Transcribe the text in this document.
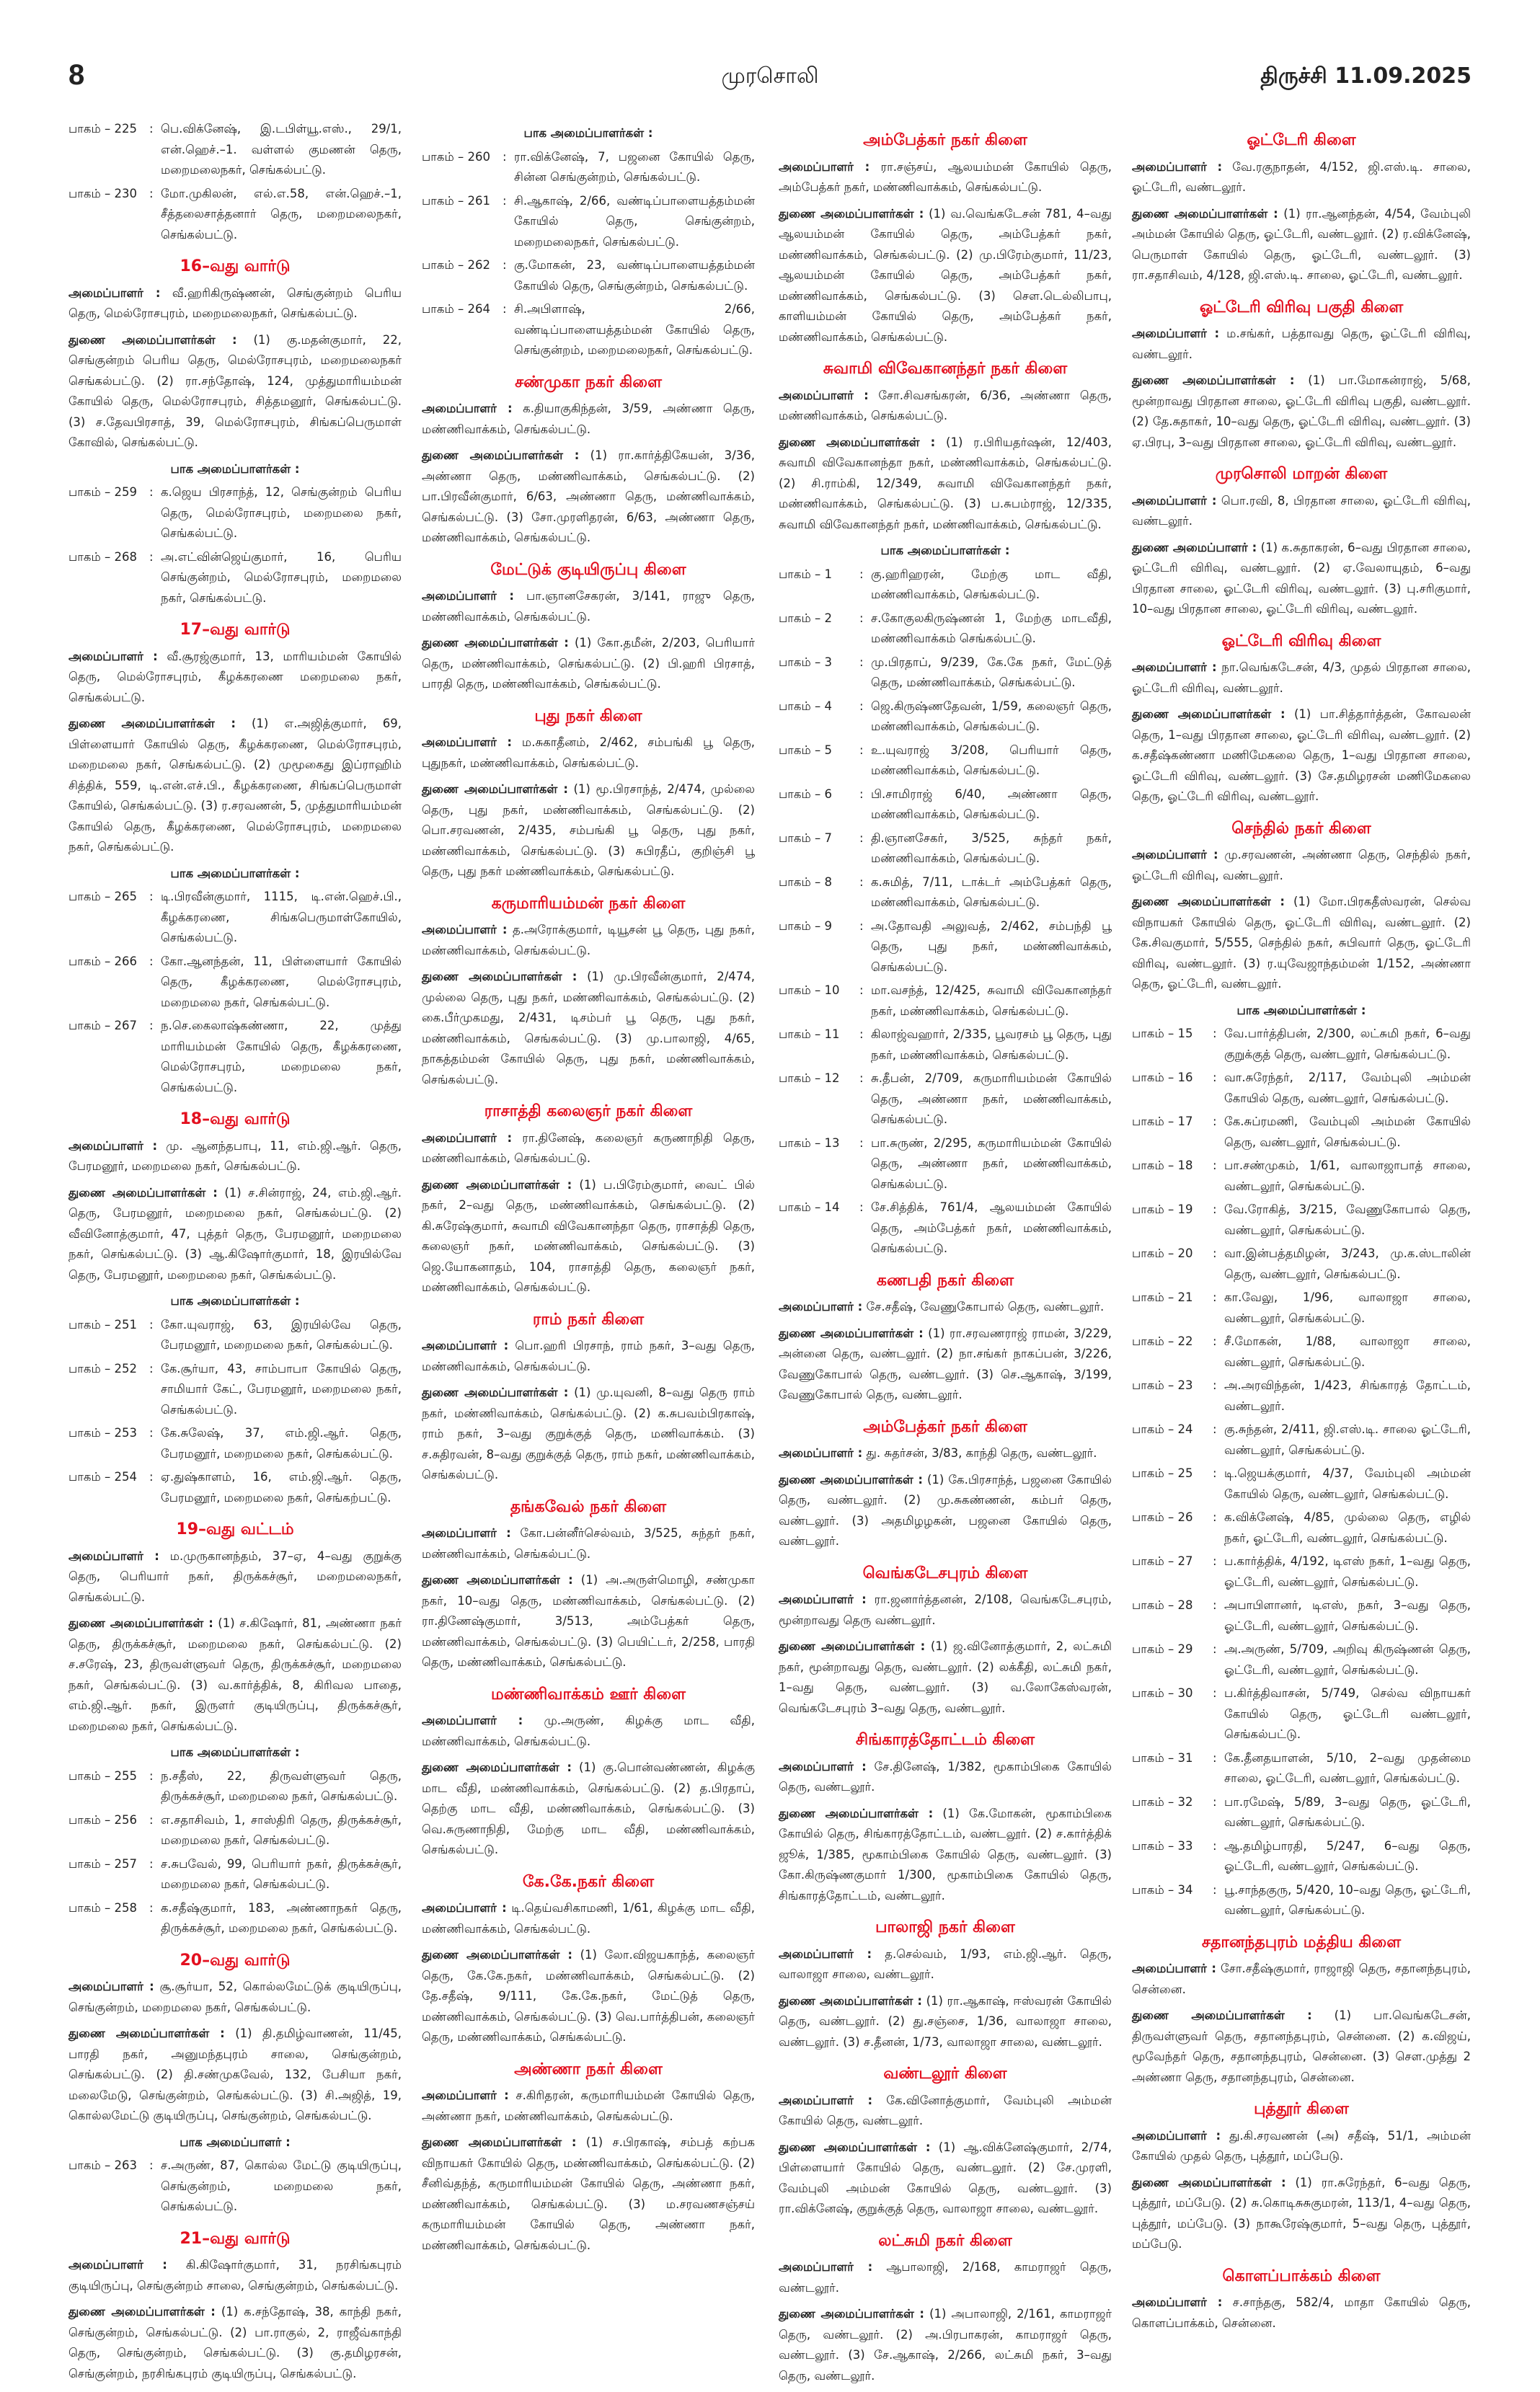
8	முரசொலி	திருச்சி 11.09.2025
பாகம் – 225	: பெ.விக்னேஷ், இ.டபிள்யூ.எஸ்., 29/1, என்.ஹெச்.–1. வள்ளல் குமணன் தெரு, மறைமலைநகர், செங்கல்பட்டு.
பாகம் – 230	: மோ.முகிலன், எல்.எ.58, என்.ஹெச்.–1, சீத்தலைசாத்தனார் தெரு, மறைமலைநகர், செங்கல்பட்டு.
16–வது வார்டு
அமைப்பாளர் : வீ.ஹரிகிருஷ்ணன், செங்குன்றம் பெரிய தெரு, மெல்ரோசபுரம், மறைமலைநகர், செங்கல்பட்டு.
துணை அமைப்பாளர்கள் : (1) கு.மதன்குமார், 22, செங்குன்றம் பெரிய தெரு, மெல்ரோசபுரம், மறைமலைநகர் செங்கல்பட்டு. (2) ரா.சந்தோஷ், 124, முத்துமாரியம்மன் கோயில் தெரு, மெல்ரோசபுரம், சித்தமனூர், செங்கல்பட்டு. (3) ச.தேவபிரசாத், 39, மெல்ரோசபுரம், சிங்கப்பெருமாள் கோவில், செங்கல்பட்டு.
பாக அமைப்பாளர்கள் :
பாகம் – 259	: க.ஜெய பிரசாந்த், 12, செங்குன்றம் பெரிய தெரு, மெல்ரோசபுரம், மறைமலை நகர், செங்கல்பட்டு.
பாகம் – 268	: அ.எட்வின்ஜெய்குமார், 16, பெரிய செங்குன்றம், மெல்ரோசபுரம், மறைமலை நகர், செங்கல்பட்டு.
17–வது வார்டு
அமைப்பாளர் : வீ.சூரஜ்குமார், 13, மாரியம்மன் கோயில் தெரு, மெல்ரோசபுரம், கீழக்கரணை மறைமலை நகர், செங்கல்பட்டு.
துணை அமைப்பாளர்கள் : (1) எ.அஜித்குமார், 69, பிள்ளையார் கோயில் தெரு, கீழக்கரணை, மெல்ரோசபுரம், மறைமலை நகர், செங்கல்பட்டு. (2) முமூகைது இப்ராஹிம் சித்திக், 559, டி.என்.எச்.பி., கீழக்கரணை, சிங்கப்பெருமாள் கோயில், செங்கல்பட்டு. (3) ர.சரவணன், 5, முத்துமாரியம்மன் கோயில் தெரு, கீழக்கரணை, மெல்ரோசபுரம், மறைமலை நகர், செங்கல்பட்டு.
பாக அமைப்பாளர்கள் :
பாகம் – 265	: டி.பிரவீன்குமார், 1115, டி.என்.ஹெச்.பி., கீழக்கரணை, சிங்கபெருமாள்கோயில், செங்கல்பட்டு.
பாகம் – 266	: கோ.ஆனந்தன், 11, பிள்ளையார் கோயில் தெரு, கீழக்கரணை, மெல்ரோசபுரம், மறைமலை நகர், செங்கல்பட்டு.
பாகம் – 267	: ந.செ.கைலாஷ்கண்ணா, 22, முத்து மாரியம்மன் கோயில் தெரு, கீழக்கரணை, மெல்ரோசபுரம், மறைமலை நகர், செங்கல்பட்டு.
18–வது வார்டு
அமைப்பாளர் : மு. ஆனந்தபாபு, 11, எம்.ஜி.ஆர். தெரு, பேரமனூர், மறைமலை நகர், செங்கல்பட்டு.
துணை அமைப்பாளர்கள் : (1) ச.சின்ராஜ், 24, எம்.ஜி.ஆர். தெரு, பேரமனூர், மறைமலை நகர், செங்கல்பட்டு. (2) வீவினோத்குமார், 47, புத்தர் தெரு, பேரமனூர், மறைமலை நகர், செங்கல்பட்டு. (3) ஆ.கிஷோர்குமார், 18, இரயில்வே தெரு, பேரமனூர், மறைமலை நகர், செங்கல்பட்டு.
பாக அமைப்பாளர்கள் :
பாகம் – 251	: கோ.யுவராஜ், 63, இரயில்வே தெரு, பேரமனூர், மறைமலை நகர், செங்கல்பட்டு.
பாகம் – 252	: கே.சூர்யா, 43, சாம்பாபா கோயில் தெரு, சாமியார் கேட், பேரமனூர், மறைமலை நகர், செங்கல்பட்டு.
பாகம் – 253	: கே.சுலேஷ், 37, எம்.ஜி.ஆர். தெரு, பேரமனூர், மறைமலை நகர், செங்கல்பட்டு.
பாகம் – 254	: ஏ.துஷ்காளம், 16, எம்.ஜி.ஆர். தெரு, பேரமனூர், மறைமலை நகர், செங்கற்பட்டு.
19–வது வட்டம்
அமைப்பாளர் : ம.முருகானந்தம், 37–ஏ, 4–வது குறுக்கு தெரு, பெரியார் நகர், திருக்கச்சூர், மறைமலைநகர், செங்கல்பட்டு.
துணை அமைப்பாளர்கள் : (1) ச.கிஷோர், 81, அண்ணா நகர் தெரு, திருக்கச்சூர், மறைமலை நகர், செங்கல்பட்டு. (2) ச.சரேஷ், 23, திருவள்ளுவர் தெரு, திருக்கச்சூர், மறைமலை நகர், செங்கல்பட்டு. (3) வ.கார்த்திக், 8, கிரிவல பாதை, எம்.ஜி.ஆர். நகர், இருளர் குடியிருப்பு, திருக்கச்சூர், மறைமலை நகர், செங்கல்பட்டு.
பாக அமைப்பாளர்கள் :
பாகம் – 255	: ந.சதீஸ், 22, திருவள்ளுவர் தெரு, திருக்கச்சூர், மறைமலை நகர், செங்கல்பட்டு.
பாகம் – 256	: எ.சதாசிவம், 1, சாஸ்திரி தெரு, திருக்கச்சூர், மறைமலை நகர், செங்கல்பட்டு.
பாகம் – 257	: ச.சுபவேல், 99, பெரியார் நகர், திருக்கச்சூர், மறைமலை நகர், செங்கல்பட்டு.
பாகம் – 258	: க.சதீஷ்குமார், 183, அண்ணாநகர் தெரு, திருக்கச்சூர், மறைமலை நகர், செங்கல்பட்டு.
20–வது வார்டு
அமைப்பாளர் : சூ.சூர்யா, 52, கொல்லமேட்டுக் குடியிருப்பு, செங்குன்றம், மறைமலை நகர், செங்கல்பட்டு.
துணை அமைப்பாளர்கள் : (1) தி.தமிழ்வாணன், 11/45, பாரதி நகர், அனுமந்தபுரம் சாலை, செங்குன்றம், செங்கல்பட்டு. (2) தி.சண்முகவேல், 132, பேசியா நகர், மலைமேடு, செங்குன்றம், செங்கல்பட்டு. (3) சி.அஜித், 19, கொல்லமேட்டு குடியிருப்பு, செங்குன்றம், செங்கல்பட்டு.
பாக அமைப்பாளர் :
பாகம் – 263	: ச.அருண், 87, கொல்ல மேட்டு குடியிருப்பு, செங்குன்றம், மறைமலை நகர், செங்கல்பட்டு.
21–வது வார்டு
அமைப்பாளர் : கி.கிஷோர்குமார், 31, நரசிங்கபுரம் குடியிருப்பு, செங்குன்றம் சாலை, செங்குன்றம், செங்கல்பட்டு.
துணை அமைப்பாளர்கள் : (1) க.சந்தோஷ், 38, காந்தி நகர், செங்குன்றம், செங்கல்பட்டு. (2) பா.ராகுல், 2, ராஜீவ்காந்தி தெரு, செங்குன்றம், செங்கல்பட்டு. (3) கு.தமிழரசன், செங்குன்றம், நரசிங்கபுரம் குடியிருப்பு, செங்கல்பட்டு.
பாக அமைப்பாளர்கள் :
பாகம் – 260	: ரா.விக்னேஷ், 7, பஜனை கோயில் தெரு, சின்ன செங்குன்றம், செங்கல்பட்டு.
பாகம் – 261	: சி.ஆகாஷ், 2/66, வண்டிப்பாளையத்தம்மன் கோயில் தெரு, செங்குன்றம், மறைமலைநகர், செங்கல்பட்டு.
பாகம் – 262	: கு.மோகன், 23, வண்டிப்பாளையத்தம்மன் கோயில் தெரு, செங்குன்றம், செங்கல்பட்டு.
பாகம் – 264	: சி.அபிளாஷ், 2/66, வண்டிப்பாளையத்தம்மன் கோயில் தெரு, செங்குன்றம், மறைமலைநகர், செங்கல்பட்டு.
சண்முகா நகர் கிளை
அமைப்பாளர் : க.தியாகுகிந்தன், 3/59, அண்ணா தெரு, மண்ணிவாக்கம், செங்கல்பட்டு.
துணை அமைப்பாளர்கள் : (1) ரா.கார்த்திகேயன், 3/36, அண்ணா தெரு, மண்ணிவாக்கம், செங்கல்பட்டு. (2) பா.பிரவீன்குமார், 6/63, அண்ணா தெரு, மண்ணிவாக்கம், செங்கல்பட்டு. (3) சோ.முரளிதரன், 6/63, அண்ணா தெரு, மண்ணிவாக்கம், செங்கல்பட்டு.
மேட்டுக் குடியிருப்பு கிளை
அமைப்பாளர் : பா.ஞானசேகரன், 3/141, ராஜு தெரு, மண்ணிவாக்கம், செங்கல்பட்டு.
துணை அமைப்பாளர்கள் : (1) கோ.தமீன், 2/203, பெரியார் தெரு, மண்ணிவாக்கம், செங்கல்பட்டு. (2) பி.ஹரி பிரசாத், பாரதி தெரு, மண்ணிவாக்கம், செங்கல்பட்டு.
புது நகர் கிளை
அமைப்பாளர் : ம.சுகாதீனம், 2/462, சம்பங்கி பூ தெரு, புதுநகர், மண்ணிவாக்கம், செங்கல்பட்டு.
துணை அமைப்பாளர்கள் : (1) மூ.பிரசாந்த், 2/474, முல்லை தெரு, புது நகர், மண்ணிவாக்கம், செங்கல்பட்டு. (2) பொ.சரவணன், 2/435, சம்பங்கி பூ தெரு, புது நகர், மண்ணிவாக்கம், செங்கல்பட்டு. (3) சுபிரதீப், குறிஞ்சி பூ தெரு, புது நகர் மண்ணிவாக்கம், செங்கல்பட்டு.
கருமாரியம்மன் நகர் கிளை
அமைப்பாளர் : த.அரோக்குமார், டியூசன் பூ தெரு, புது நகர், மண்ணிவாக்கம், செங்கல்பட்டு.
துணை அமைப்பாளர்கள் : (1) மு.பிரவீன்குமார், 2/474, முல்லை தெரு, புது நகர், மண்ணிவாக்கம், செங்கல்பட்டு. (2) கை.பீர்முகமது, 2/431, டிசம்பர் பூ தெரு, புது நகர், மண்ணிவாக்கம், செங்கல்பட்டு. (3) மு.பாலாஜி, 4/65, நாகத்தம்மன் கோயில் தெரு, புது நகர், மண்ணிவாக்கம், செங்கல்பட்டு.
ராசாத்தி கலைஞர் நகர் கிளை
அமைப்பாளர் : ரா.தினேஷ், கலைஞர் கருணாநிதி தெரு, மண்ணிவாக்கம், செங்கல்பட்டு.
துணை அமைப்பாளர்கள் : (1) ப.பிரேம்குமார், வைட் பில் நகர், 2–வது தெரு, மண்ணிவாக்கம், செங்கல்பட்டு. (2) கி.சுரேஷ்குமார், சுவாமி விவேகானந்தா தெரு, ராசாத்தி தெரு, கலைஞர் நகர், மண்ணிவாக்கம், செங்கல்பட்டு. (3) ஜெ.யோகனாதம், 104, ராசாத்தி தெரு, கலைஞர் நகர், மண்ணிவாக்கம், செங்கல்பட்டு.
ராம் நகர் கிளை
அமைப்பாளர் : பொ.ஹரி பிரசாந், ராம் நகர், 3–வது தெரு, மண்ணிவாக்கம், செங்கல்பட்டு.
துணை அமைப்பாளர்கள் : (1) மு.யுவனி, 8–வது தெரு ராம் நகர், மண்ணிவாக்கம், செங்கல்பட்டு. (2) க.சுபவம்பிரகாஷ், ராம் நகர், 3–வது குறுக்குத் தெரு, மணிவாக்கம். (3) ச.சுதிரவன், 8–வது குறுக்குத் தெரு, ராம் நகர், மண்ணிவாக்கம், செங்கல்பட்டு.
தங்கவேல் நகர் கிளை
அமைப்பாளர் : கோ.பன்னீர்செல்வம், 3/525, சுந்தர் நகர், மண்ணிவாக்கம், செங்கல்பட்டு.
துணை அமைப்பாளர்கள் : (1) அ.அருள்மொழி, சண்முகா நகர், 10–வது தெரு, மண்ணிவாக்கம், செங்கல்பட்டு. (2) ரா.திணேஷ்குமார், 3/513, அம்பேத்கர் தெரு, மண்ணிவாக்கம், செங்கல்பட்டு. (3) பெயிட்டர், 2/258, பாரதி தெரு, மண்ணிவாக்கம், செங்கல்பட்டு.
மண்ணிவாக்கம் ஊர் கிளை
அமைப்பாளர் : மு.அருண், கிழக்கு மாட வீதி, மண்ணிவாக்கம், செங்கல்பட்டு.
துணை அமைப்பாளர்கள் : (1) கு.பொன்வண்ணன், கிழக்கு மாட வீதி, மண்ணிவாக்கம், செங்கல்பட்டு. (2) த.பிரதாப், தெற்கு மாட வீதி, மண்ணிவாக்கம், செங்கல்பட்டு. (3) வெ.சுருணாநிதி, மேற்கு மாட வீதி, மண்ணிவாக்கம், செங்கல்பட்டு.
கே.கே.நகர் கிளை
அமைப்பாளர் : டி.தெய்வசிகாமணி, 1/61, கிழக்கு மாட வீதி, மண்ணிவாக்கம், செங்கல்பட்டு.
துணை அமைப்பாளர்கள் : (1) லோ.விஜயகாந்த், கலைஞர் தெரு, கே.கே.நகர், மண்ணிவாக்கம், செங்கல்பட்டு. (2) தே.சதீஷ், 9/111, கே.கே.நகர், மேட்டுத் தெரு, மண்ணிவாக்கம், செங்கல்பட்டு. (3) வெ.பார்த்திபன், கலைஞர் தெரு, மண்ணிவாக்கம், செங்கல்பட்டு.
அண்ணா நகர் கிளை
அமைப்பாளர் : ச.கிரிதரன், கருமாரியம்மன் கோயில் தெரு, அண்ணா நகர், மண்ணிவாக்கம், செங்கல்பட்டு.
துணை அமைப்பாளர்கள் : (1) ச.பிரகாஷ், சம்பத் கற்பக விநாயகர் கோயில் தெரு, மண்ணிவாக்கம், செங்கல்பட்டு. (2) சீனிவ்தந்த், கருமாரியம்மன் கோயில் தெரு, அண்ணா நகர், மண்ணிவாக்கம், செங்கல்பட்டு. (3) ம.சரவணசஞ்சய் கருமாரியம்மன் கோயில் தெரு, அண்ணா நகர், மண்ணிவாக்கம், செங்கல்பட்டு.
அம்பேத்கர் நகர் கிளை
அமைப்பாளர் : ரா.சஞ்சய், ஆலயம்மன் கோயில் தெரு, அம்பேத்கர் நகர், மண்ணிவாக்கம், செங்கல்பட்டு.
துணை அமைப்பாளர்கள் : (1) வ.வெங்கடேசன் 781, 4–வது ஆலயம்மன் கோயில் தெரு, அம்பேத்கர் நகர், மண்ணிவாக்கம், செங்கல்பட்டு. (2) மு.பிரேம்குமார், 11/23, ஆலயம்மன் கோயில் தெரு, அம்பேத்கர் நகர், மண்ணிவாக்கம், செங்கல்பட்டு. (3) சௌ.டெல்லிபாபு, காளியம்மன் கோயில் தெரு, அம்பேத்கர் நகர், மண்ணிவாக்கம், செங்கல்பட்டு.
சுவாமி விவேகானந்தர் நகர் கிளை
அமைப்பாளர் : சோ.சிவசங்கரன், 6/36, அண்ணா தெரு, மண்ணிவாக்கம், செங்கல்பட்டு.
துணை அமைப்பாளர்கள் : (1) ர.பிரியதர்ஷன், 12/403, சுவாமி விவேகானந்தா நகர், மண்ணிவாக்கம், செங்கல்பட்டு. (2) சி.ராம்கி, 12/349, சுவாமி விவேகானந்தர் நகர், மண்ணிவாக்கம், செங்கல்பட்டு. (3) ப.சுபம்ராஜ், 12/335, சுவாமி விவேகானந்தர் நகர், மண்ணிவாக்கம், செங்கல்பட்டு.
பாக அமைப்பாளர்கள் :
பாகம் – 1	: கு.ஹரிஹரன், மேற்கு மாட வீதி, மண்ணிவாக்கம், செங்கல்பட்டு.
பாகம் – 2	: ச.கோகுலகிருஷ்ணன் 1, மேற்கு மாடவீதி, மண்ணிவாக்கம் செங்கல்பட்டு.
பாகம் – 3	: மு.பிரதாப், 9/239, கே.கே நகர், மேட்டுத் தெரு, மண்ணிவாக்கம், செங்கல்பட்டு.
பாகம் – 4	: ஜெ.கிருஷ்ணதேவன், 1/59, கலைஞர் தெரு, மண்ணிவாக்கம், செங்கல்பட்டு.
பாகம் – 5	: உ.யுவராஜ் 3/208, பெரியார் தெரு, மண்ணிவாக்கம், செங்கல்பட்டு.
பாகம் – 6	: பி.சாமிராஜ் 6/40, அண்ணா தெரு, மண்ணிவாக்கம், செங்கல்பட்டு.
பாகம் – 7	: தி.ஞானசேகர், 3/525, சுந்தர் நகர், மண்ணிவாக்கம், செங்கல்பட்டு.
பாகம் – 8	: க.சுமித், 7/11, டாக்டர் அம்பேத்கர் தெரு, மண்ணிவாக்கம், செங்கல்பட்டு.
பாகம் – 9	: அ.தோவதி அலுவத், 2/462, சம்பந்தி பூ தெரு, புது நகர், மண்ணிவாக்கம், செங்கல்பட்டு.
பாகம் – 10	: மா.வசந்த், 12/425, சுவாமி விவேகானந்தர் நகர், மண்ணிவாக்கம், செங்கல்பட்டு.
பாகம் – 11	: கிலாஜ்வஹார், 2/335, பூவரசம் பூ தெரு, புது நகர், மண்ணிவாக்கம், செங்கல்பட்டு.
பாகம் – 12	: சு.தீபன், 2/709, கருமாரியம்மன் கோயில் தெரு, அண்ணா நகர், மண்ணிவாக்கம், செங்கல்பட்டு.
பாகம் – 13	: பா.சுருண், 2/295, கருமாரியம்மன் கோயில் தெரு, அண்ணா நகர், மண்ணிவாக்கம், செங்கல்பட்டு.
பாகம் – 14	: சே.சித்திக், 761/4, ஆலயம்மன் கோயில் தெரு, அம்பேத்கர் நகர், மண்ணிவாக்கம், செங்கல்பட்டு.
கணபதி நகர் கிளை
அமைப்பாளர் : சே.சதீஷ், வேணுகோபால் தெரு, வண்டலூர்.
துணை அமைப்பாளர்கள் : (1) ரா.சரவணராஜ் ராமன், 3/229, அன்னை தெரு, வண்டலூர். (2) நா.சங்கர் நாகப்பன், 3/226, வேணுகோபால் தெரு, வண்டலூர். (3) செ.ஆகாஷ், 3/199, வேணுகோபால் தெரு, வண்டலூர்.
அம்பேத்கர் நகர் கிளை
அமைப்பாளர் : து. சுதர்சன், 3/83, காந்தி தெரு, வண்டலூர்.
துணை அமைப்பாளர்கள் : (1) கே.பிரசாந்த், பஜனை கோயில் தெரு, வண்டலூர். (2) மு.சுகண்ணன், கம்பர் தெரு, வண்டலூர். (3) அதமிழழகன், பஜனை கோயில் தெரு, வண்டலூர்.
வெங்கடேசபுரம் கிளை
அமைப்பாளர் : ரா.ஜனார்த்தனன், 2/108, வெங்கடேசபுரம், மூன்றாவது தெரு வண்டலூர்.
துணை அமைப்பாளர்கள் : (1) ஜ.வினோத்குமார், 2, லட்சுமி நகர், மூன்றாவது தெரு, வண்டலூர். (2) லக்கீதி, லட்சுமி நகர், 1–வது தெரு, வண்டலூர். (3) வ.லோகேஸ்வரன், வெங்கடேசபுரம் 3–வது தெரு, வண்டலூர்.
சிங்காரத்தோட்டம் கிளை
அமைப்பாளர் : சே.தினேஷ், 1/382, மூகாம்பிகை கோயில் தெரு, வண்டலூர்.
துணை அமைப்பாளர்கள் : (1) கே.மோகன், மூகாம்பிகை கோயில் தெரு, சிங்காரத்தோட்டம், வண்டலூர். (2) ச.கார்த்திக் ஜூக், 1/385, மூகாம்பிகை கோயில் தெரு, வண்டலூர். (3) கோ.கிருஷ்ணகுமார் 1/300, மூகாம்பிகை கோயில் தெரு, சிங்காரத்தோட்டம், வண்டலூர்.
பாலாஜி நகர் கிளை
அமைப்பாளர் : த.செல்வம், 1/93, எம்.ஜி.ஆர். தெரு, வாலாஜா சாலை, வண்டலூர்.
துணை அமைப்பாளர்கள் : (1) ரா.ஆகாஷ், ஈஸ்வரன் கோயில் தெரு, வண்டலூர். (2) து.சஞ்சை, 1/36, வாலாஜா சாலை, வண்டலூர். (3) ச.தீனன், 1/73, வாலாஜா சாலை, வண்டலூர்.
வண்டலூர் கிளை
அமைப்பாளர் : கே.வினோத்குமார், வேம்புலி அம்மன் கோயில் தெரு, வண்டலூர்.
துணை அமைப்பாளர்கள் : (1) ஆ.விக்னேஷ்குமார், 2/74, பிள்ளையார் கோயில் தெரு, வண்டலூர். (2) சே.முரளி, வேம்புலி அம்மன் கோயில் தெரு, வண்டலூர். (3) ரா.விக்னேஷ், குறுக்குத் தெரு, வாலாஜா சாலை, வண்டலூர்.
லட்சுமி நகர் கிளை
அமைப்பாளர் : ஆபாலாஜி, 2/168, காமராஜர் தெரு, வண்டலூர்.
துணை அமைப்பாளர்கள் : (1) அபாலாஜி, 2/161, காமராஜர் தெரு, வண்டலூர். (2) அ.பிரபாகரன், காமராஜர் தெரு, வண்டலூர். (3) சே.ஆகாஷ், 2/266, லட்சுமி நகர், 3–வது தெரு, வண்டலூர்.
ஓட்டேரி கிளை
அமைப்பாளர் : வே.ரகுநாதன், 4/152, ஜி.எஸ்.டி. சாலை, ஓட்டேரி, வண்டலூர்.
துணை அமைப்பாளர்கள் : (1) ரா.ஆனந்தன், 4/54, வேம்புலி அம்மன் கோயில் தெரு, ஓட்டேரி, வண்டலூர். (2) ர.விக்னேஷ், பெருமாள் கோயில் தெரு, ஓட்டேரி, வண்டலூர். (3) ரா.சதாசிவம், 4/128, ஜி.எஸ்.டி. சாலை, ஓட்டேரி, வண்டலூர்.
ஓட்டேரி விரிவு பகுதி கிளை
அமைப்பாளர் : ம.சங்கர், பத்தாவது தெரு, ஓட்டேரி விரிவு, வண்டலூர்.
துணை அமைப்பாளர்கள் : (1) பா.மோகன்ராஜ், 5/68, மூன்றாவது பிரதான சாலை, ஓட்டேரி விரிவு பகுதி, வண்டலூர். (2) தே.சுதாகர், 10–வது தெரு, ஓட்டேரி விரிவு, வண்டலூர். (3) ஏ.பிரபு, 3–வது பிரதான சாலை, ஓட்டேரி விரிவு, வண்டலூர்.
முரசொலி மாறன் கிளை
அமைப்பாளர் : பொ.ரவி, 8, பிரதான சாலை, ஓட்டேரி விரிவு, வண்டலூர்.
துணை அமைப்பாளர் : (1) க.சுதாகரன், 6–வது பிரதான சாலை, ஓட்டேரி விரிவு, வண்டலூர். (2) ஏ.வேலாயுதம், 6–வது பிரதான சாலை, ஓட்டேரி விரிவு, வண்டலூர். (3) பு.சரிகுமார், 10–வது பிரதான சாலை, ஓட்டேரி விரிவு, வண்டலூர்.
ஓட்டேரி விரிவு கிளை
அமைப்பாளர் : நா.வெங்கடேசன், 4/3, முதல் பிரதான சாலை, ஓட்டேரி விரிவு, வண்டலூர்.
துணை அமைப்பாளர்கள் : (1) பா.சித்தார்த்தன், கோவலன் தெரு, 1–வது பிரதான சாலை, ஓட்டேரி விரிவு, வண்டலூர். (2) க.சதீஷ்கண்ணா மணிமேகலை தெரு, 1–வது பிரதான சாலை, ஓட்டேரி விரிவு, வண்டலூர். (3) சே.தமிழரசன் மணிமேகலை தெரு, ஓட்டேரி விரிவு, வண்டலூர்.
செந்தில் நகர் கிளை
அமைப்பாளர் : மு.சரவணன், அண்ணா தெரு, செந்தில் நகர், ஓட்டேரி விரிவு, வண்டலூர்.
துணை அமைப்பாளர்கள் : (1) மோ.பிரகதீஸ்வரன், செல்வ விநாயகர் கோயில் தெரு, ஓட்டேரி விரிவு, வண்டலூர். (2) கே.சிவகுமார், 5/555, செந்தில் நகர், சுபிவார் தெரு, ஓட்டேரி விரிவு, வண்டலூர். (3) ர.யுவேஜாந்தம்மன் 1/152, அண்ணா தெரு, ஓட்டேரி, வண்டலூர்.
பாக அமைப்பாளர்கள் :
பாகம் – 15	: வே.பார்த்திபன், 2/300, லட்சுமி நகர், 6–வது குறுக்குத் தெரு, வண்டலூர், செங்கல்பட்டு.
பாகம் – 16	: வா.சுரேந்தர், 2/117, வேம்புலி அம்மன் கோயில் தெரு, வண்டலூர், செங்கல்பட்டு.
பாகம் – 17	: கே.சுப்ரமணி, வேம்புலி அம்மன் கோயில் தெரு, வண்டலூர், செங்கல்பட்டு.
பாகம் – 18	: பா.சண்முகம், 1/61, வாலாஜாபாத் சாலை, வண்டலூர், செங்கல்பட்டு.
பாகம் – 19	: வே.ரோகித், 3/215, வேணுகோபால் தெரு, வண்டலூர், செங்கல்பட்டு.
பாகம் – 20	: வா.இன்பத்தமிழன், 3/243, மு.க.ஸ்டாலின் தெரு, வண்டலூர், செங்கல்பட்டு.
பாகம் – 21	: கா.வேலு, 1/96, வாலாஜா சாலை, வண்டலூர், செங்கல்பட்டு.
பாகம் – 22	: சீ.மோகன், 1/88, வாலாஜா சாலை, வண்டலூர், செங்கல்பட்டு.
பாகம் – 23	: அ.அரவிந்தன், 1/423, சிங்காரத் தோட்டம், வண்டலூர்.
பாகம் – 24	: கு.சுந்தன், 2/411, ஜி.எஸ்.டி. சாலை ஓட்டேரி, வண்டலூர், செங்கல்பட்டு.
பாகம் – 25	: டி.ஜெயக்குமார், 4/37, வேம்புலி அம்மன் கோயில் தெரு, வண்டலூர், செங்கல்பட்டு.
பாகம் – 26	: க.விக்னேஷ், 4/85, முல்லை தெரு, எழில் நகர், ஓட்டேரி, வண்டலூர், செங்கல்பட்டு.
பாகம் – 27	: ப.கார்த்திக், 4/192, டிஎஸ் நகர், 1–வது தெரு, ஓட்டேரி, வண்டலூர், செங்கல்பட்டு.
பாகம் – 28	: அபாபிளானர், டிஎஸ், நகர், 3–வது தெரு, ஓட்டேரி, வண்டலூர், செங்கல்பட்டு.
பாகம் – 29	: அ.அருண், 5/709, அறிவு கிருஷ்ணன் தெரு, ஓட்டேரி, வண்டலூர், செங்கல்பட்டு.
பாகம் – 30	: ப.கிர்த்திவாசன், 5/749, செல்வ விநாயகர் கோயில் தெரு, ஓட்டேரி வண்டலூர், செங்கல்பட்டு.
பாகம் – 31	: கே.தீனதயாளன், 5/10, 2–வது முதன்மை சாலை, ஓட்டேரி, வண்டலூர், செங்கல்பட்டு.
பாகம் – 32	: பா.ரமேஷ், 5/89, 3–வது தெரு, ஓட்டேரி, வண்டலூர், செங்கல்பட்டு.
பாகம் – 33	: ஆ.தமிழ்பாரதி, 5/247, 6–வது தெரு, ஓட்டேரி, வண்டலூர், செங்கல்பட்டு.
பாகம் – 34	: பூ.சாந்தகுரு, 5/420, 10–வது தெரு, ஓட்டேரி, வண்டலூர், செங்கல்பட்டு.
சதானந்தபுரம் மத்திய கிளை
அமைப்பாளர் : சோ.சதீஷ்குமார், ராஜாஜி தெரு, சதானந்தபுரம், சென்னை.
துணை அமைப்பாளர்கள் : (1) பா.வெங்கடேசன், திருவள்ளுவர் தெரு, சதானந்தபுரம், சென்னை. (2) க.விஜய், மூவேந்தர் தெரு, சதானந்தபுரம், சென்னை. (3) செள.முத்து 2 அண்ணா தெரு, சதானந்தபுரம், சென்னை.
புத்தூர் கிளை
அமைப்பாளர் : து.கி.சரவணன் (அ) சதீஷ், 51/1, அம்மன் கோயில் முதல் தெரு, புத்தூர், மப்பேடு.
துணை அமைப்பாளர்கள் : (1) ரா.சுரேந்தர், 6–வது தெரு, புத்தூர், மப்பேடு. (2) சு.கொடிசுசுகுமரன், 113/1, 4–வது தெரு, புத்தூர், மப்பேடு. (3) நாகூரேஷ்குமார், 5–வது தெரு, புத்தூர், மப்பேடு.
கொளப்பாக்கம் கிளை
அமைப்பாளர் : ச.சாந்தகு, 582/4, மாதா கோயில் தெரு, கொளப்பாக்கம், சென்னை.
